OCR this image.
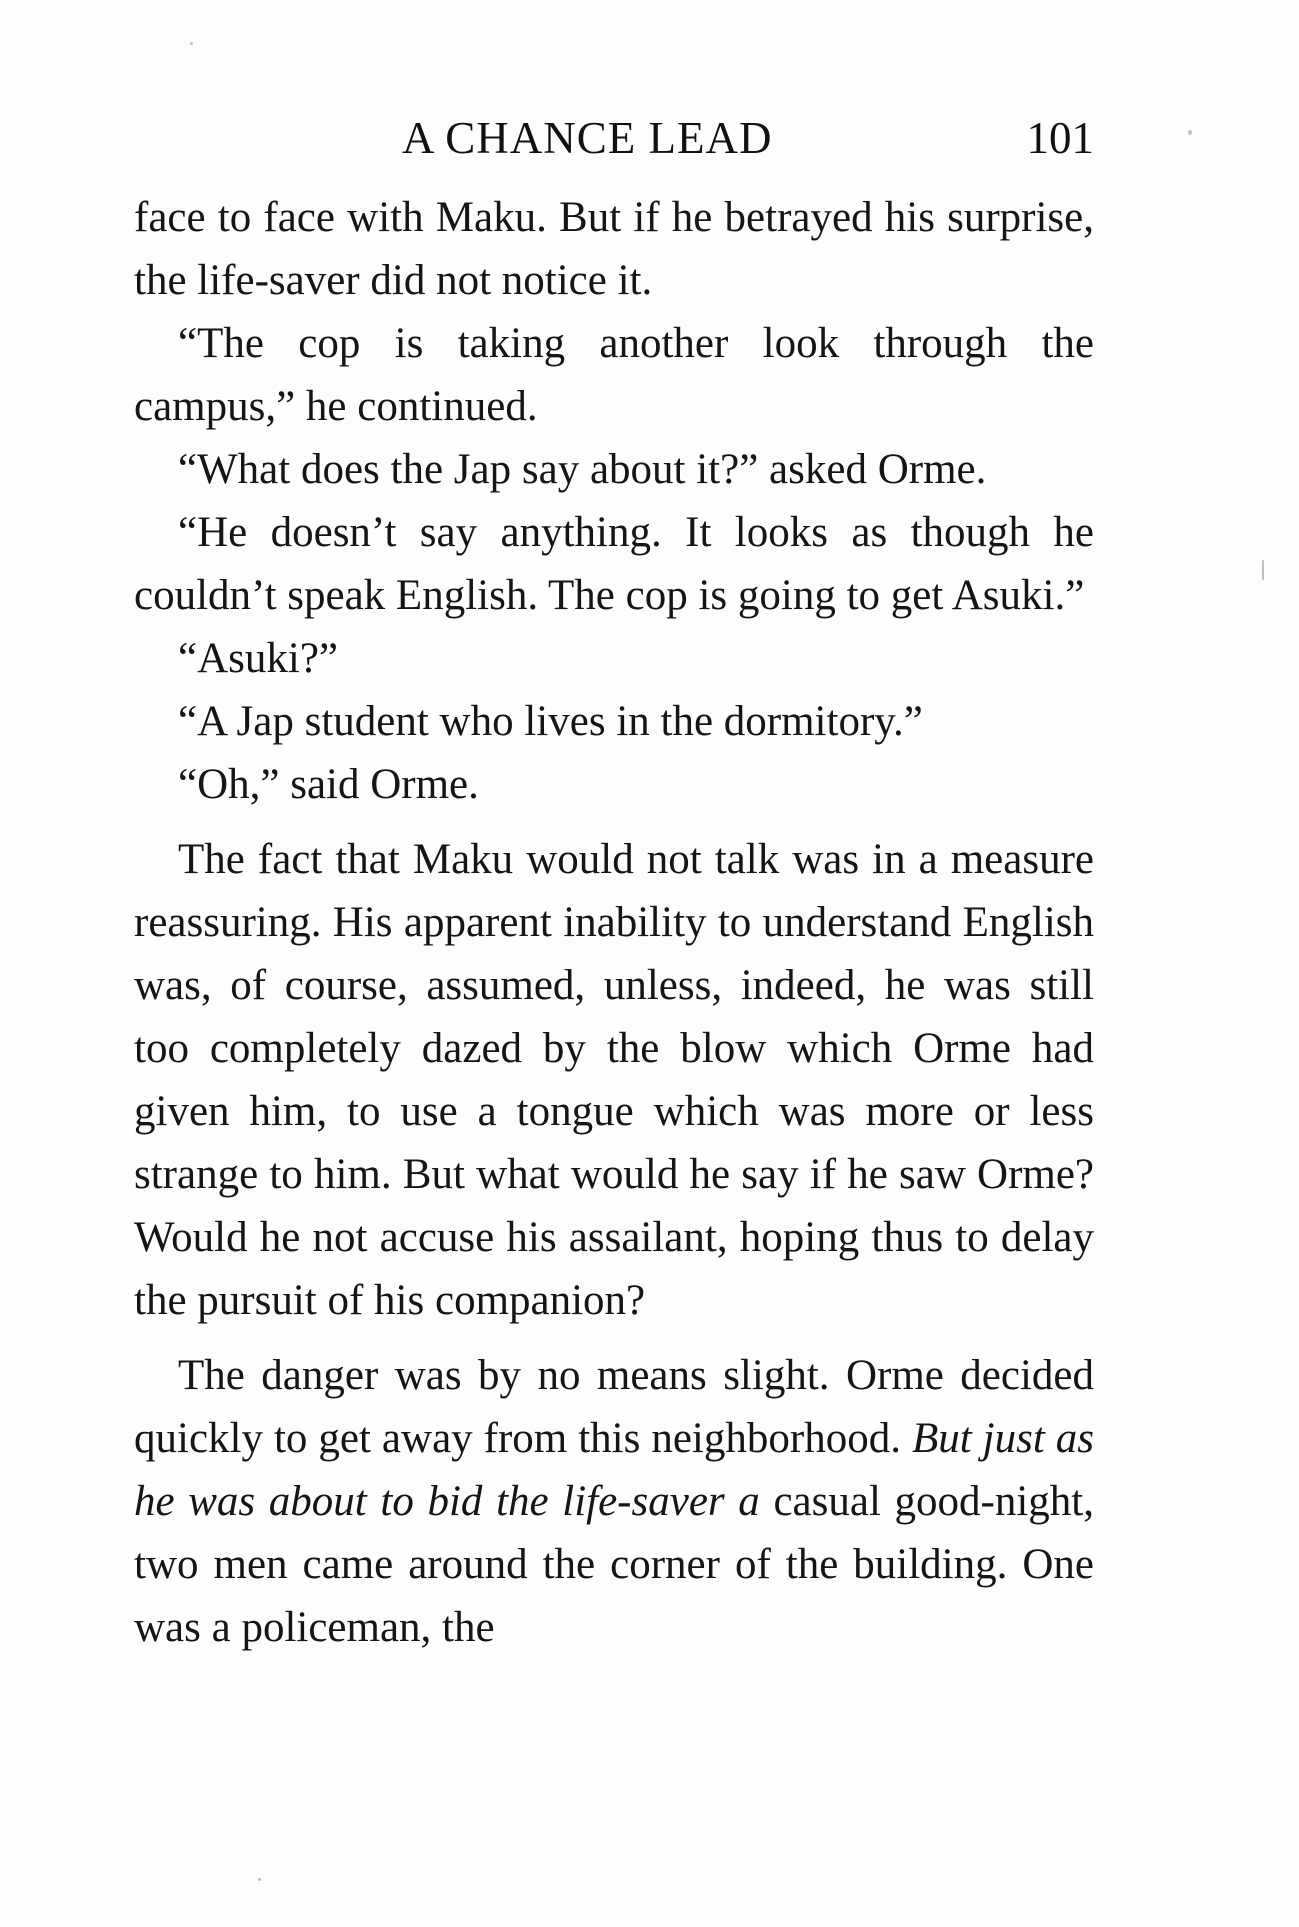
A CHANCE LEAD	101

face to face with Maku. But if he betrayed his surprise, the life-saver did not notice it.

“The cop is taking another look through the campus,” he continued.

“What does the Jap say about it?” asked Orme.

“He doesn’t say anything. It looks as though he couldn’t speak English. The cop is going to get Asuki.”

“Asuki?”

“A Jap student who lives in the dormitory.”

“Oh,” said Orme.

The fact that Maku would not talk was in a measure reassuring. His apparent inability to understand English was, of course, assumed, unless, indeed, he was still too completely dazed by the blow which Orme had given him, to use a tongue which was more or less strange to him. But what would he say if he saw Orme? Would he not accuse his assailant, hoping thus to delay the pursuit of his companion?

The danger was by no means slight. Orme decided quickly to get away from this neighborhood. But just as he was about to bid the life-saver a casual good-night, two men came around the corner of the building. One was a policeman, the
